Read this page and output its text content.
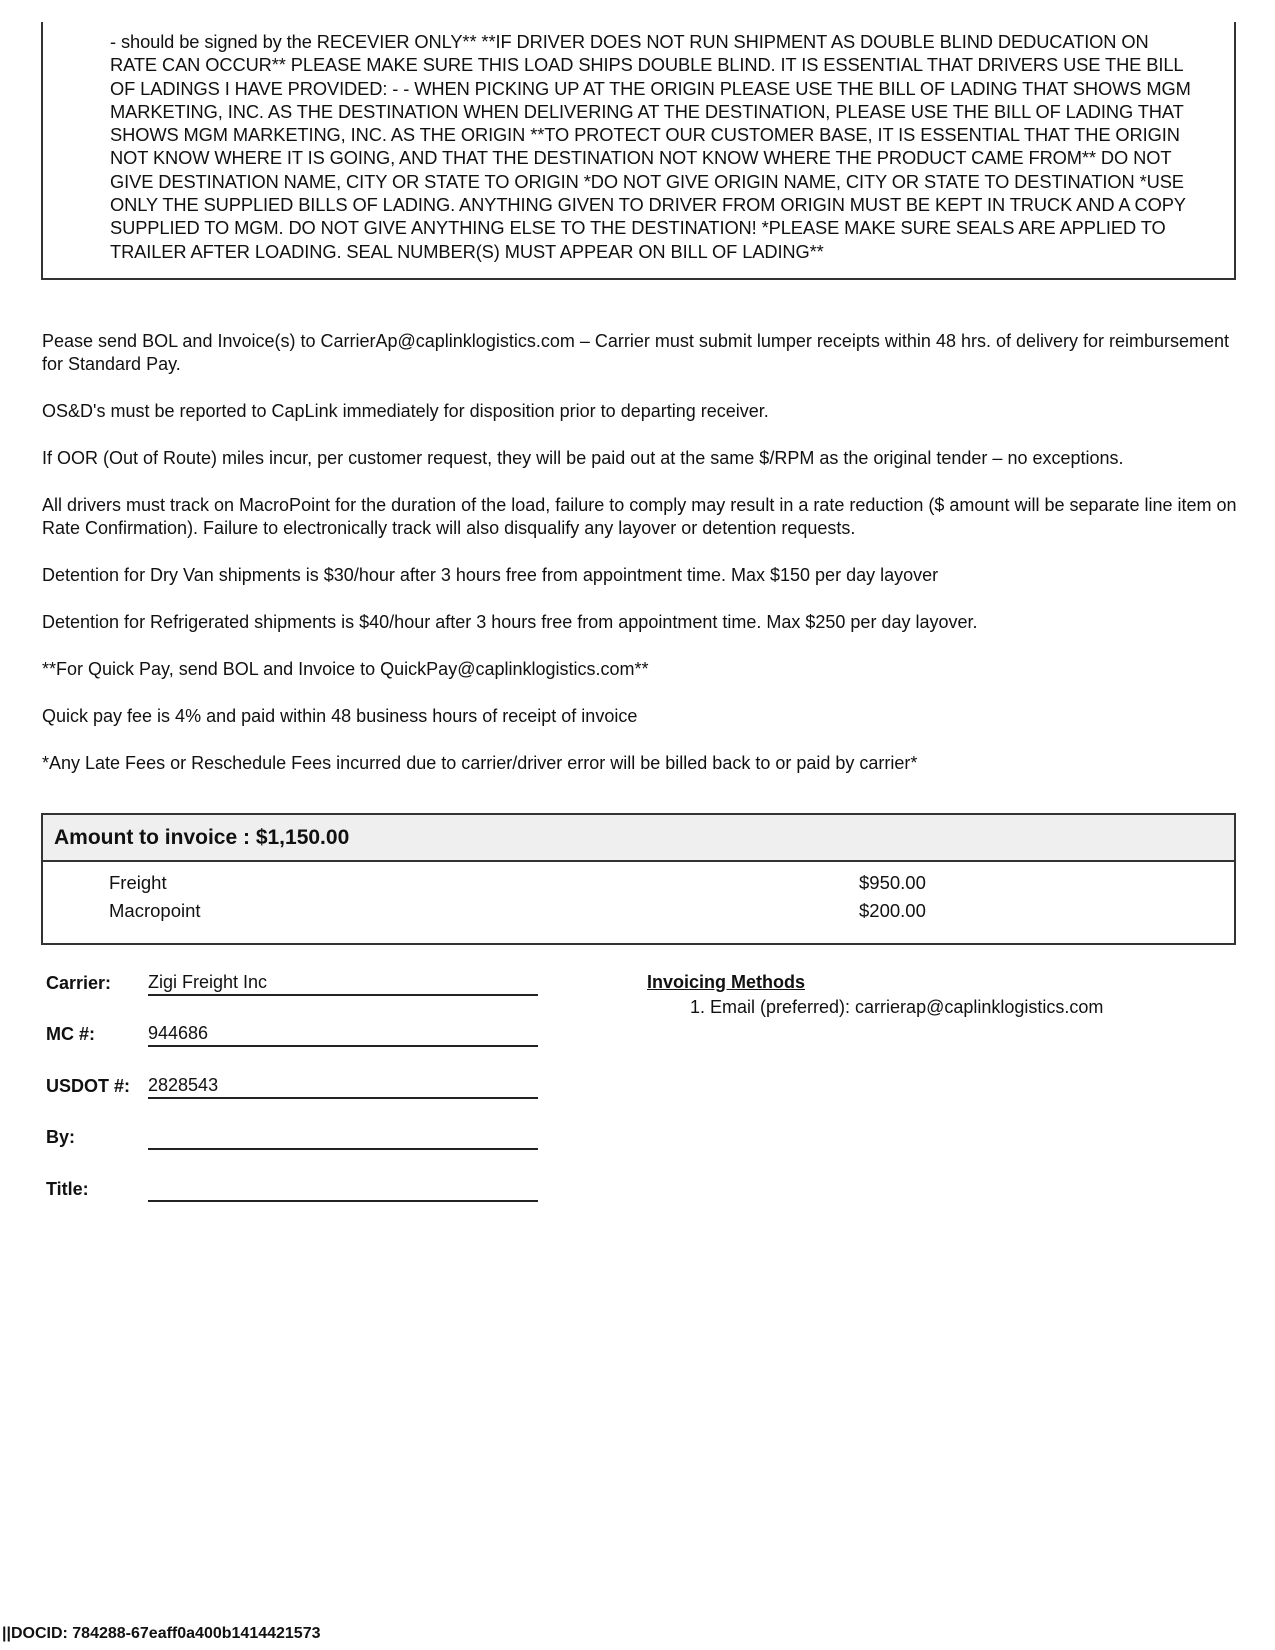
- should be signed by the RECEVIER ONLY** **IF DRIVER DOES NOT RUN SHIPMENT AS DOUBLE BLIND DEDUCATION ON
RATE CAN OCCUR** PLEASE MAKE SURE THIS LOAD SHIPS DOUBLE BLIND. IT IS ESSENTIAL THAT DRIVERS USE THE BILL
OF LADINGS I HAVE PROVIDED: - - WHEN PICKING UP AT THE ORIGIN PLEASE USE THE BILL OF LADING THAT SHOWS MGM
MARKETING, INC. AS THE DESTINATION WHEN DELIVERING AT THE DESTINATION, PLEASE USE THE BILL OF LADING THAT
SHOWS MGM MARKETING, INC. AS THE ORIGIN **TO PROTECT OUR CUSTOMER BASE, IT IS ESSENTIAL THAT THE ORIGIN
NOT KNOW WHERE IT IS GOING, AND THAT THE DESTINATION NOT KNOW WHERE THE PRODUCT CAME FROM** DO NOT
GIVE DESTINATION NAME, CITY OR STATE TO ORIGIN *DO NOT GIVE ORIGIN NAME, CITY OR STATE TO DESTINATION *USE
ONLY THE SUPPLIED BILLS OF LADING. ANYTHING GIVEN TO DRIVER FROM ORIGIN MUST BE KEPT IN TRUCK AND A COPY
SUPPLIED TO MGM. DO NOT GIVE ANYTHING ELSE TO THE DESTINATION! *PLEASE MAKE SURE SEALS ARE APPLIED TO
TRAILER AFTER LOADING. SEAL NUMBER(S) MUST APPEAR ON BILL OF LADING**

Pease send BOL and Invoice(s) to CarrierAp@caplinklogistics.com – Carrier must submit lumper receipts within 48 hrs. of delivery for reimbursement for Standard Pay.

OS&D's must be reported to CapLink immediately for disposition prior to departing receiver.

If OOR (Out of Route) miles incur, per customer request, they will be paid out at the same $/RPM as the original tender – no exceptions.

All drivers must track on MacroPoint for the duration of the load, failure to comply may result in a rate reduction ($ amount will be separate line item on Rate Confirmation). Failure to electronically track will also disqualify any layover or detention requests.

Detention for Dry Van shipments is $30/hour after 3 hours free from appointment time. Max $150 per day layover

Detention for Refrigerated shipments is $40/hour after 3 hours free from appointment time. Max $250 per day layover.

**For Quick Pay, send BOL and Invoice to QuickPay@caplinklogistics.com**

Quick pay fee is 4% and paid within 48 business hours of receipt of invoice

*Any Late Fees or Reschedule Fees incurred due to carrier/driver error will be billed back to or paid by carrier*

Amount to invoice : $1,150.00
Freight	$950.00
Macropoint	$200.00
Carrier: Zigi Freight Inc
MC #:	944686
USDOT #: 2828543
By:
Title:
Invoicing Methods
1. Email (preferred): carrierap@caplinklogistics.com
||DOCID: 784288-67eaff0a400b1414421573
